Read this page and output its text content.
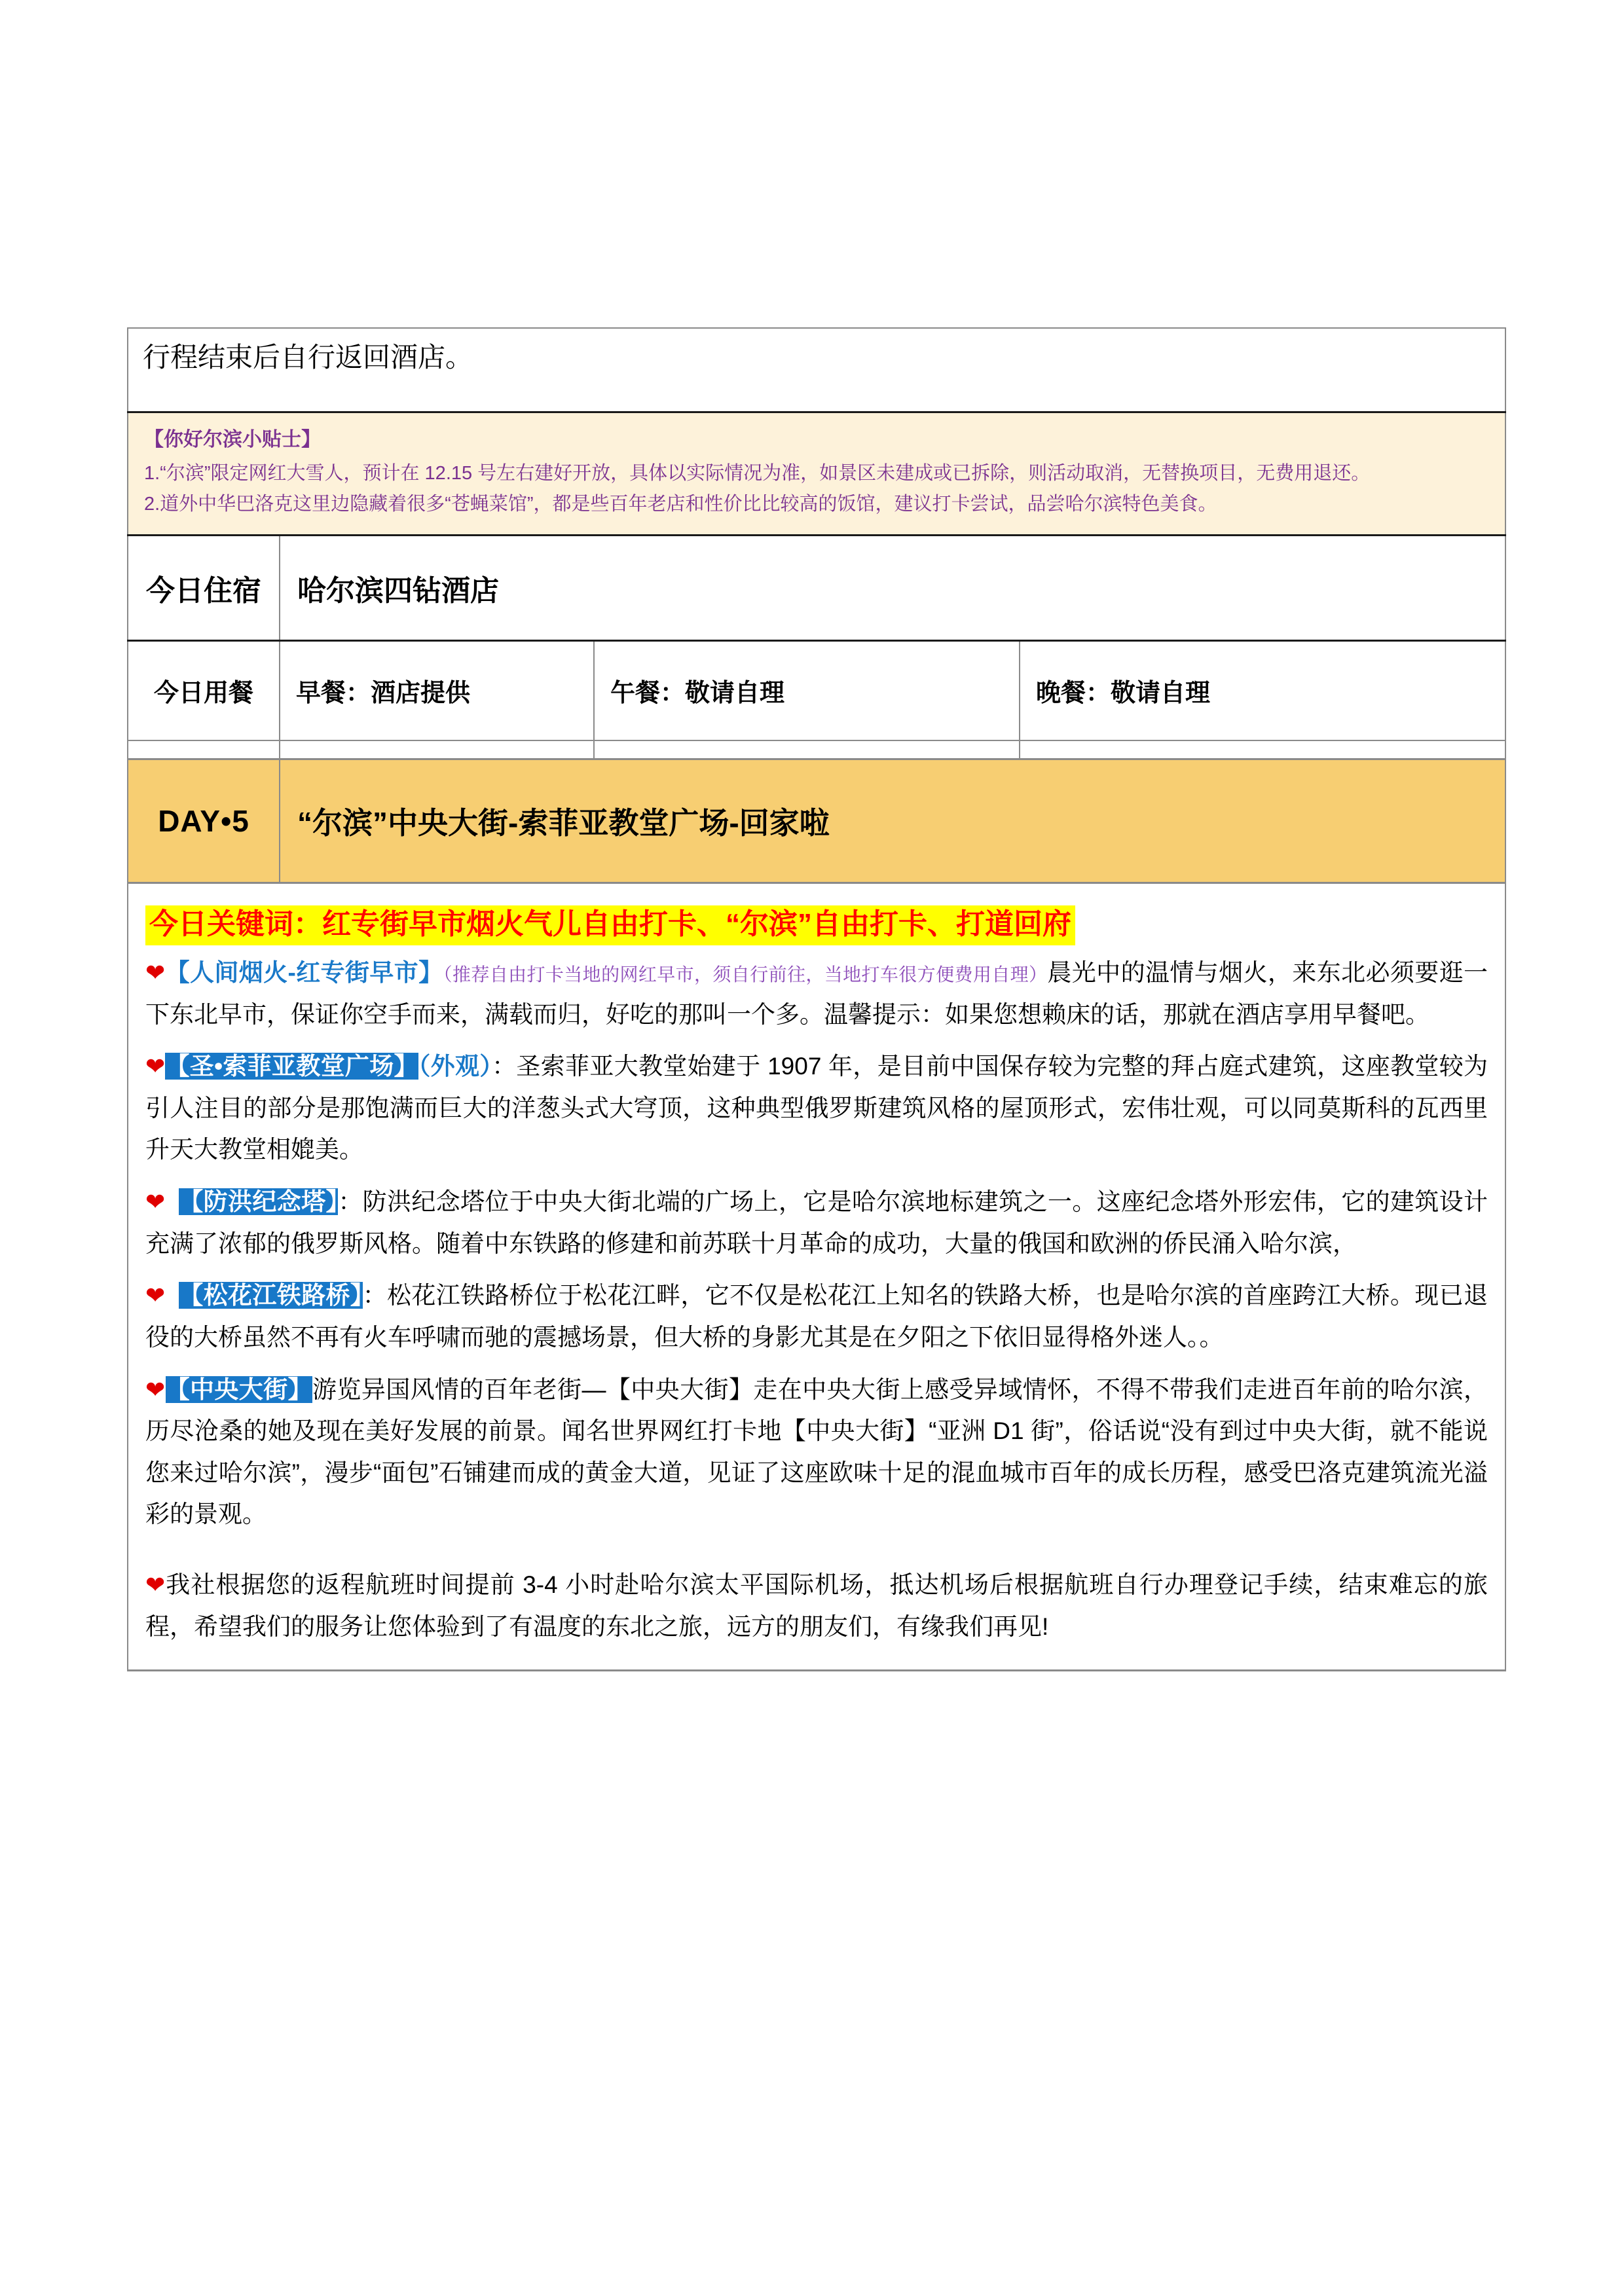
行程结束后自行返回酒店。			

【你好尔滨小贴士】
1.“尔滨”限定网红大雪人，预计在 12.15 号左右建好开放，具体以实际情况为准，如景区未建成或已拆除，则活动取消，无替换项目，无费用退还。
2.道外中华巴洛克这里边隐藏着很多“苍蝇菜馆”，都是些百年老店和性价比比较高的饭馆，建议打卡尝试，品尝哈尔滨特色美食。			

今日住宿	哈尔滨四钻酒店		
今日用餐	早餐：酒店提供	午餐：敬请自理	晚餐：敬请自理

DAY•5	“尔滨”中央大街-索菲亚教堂广场-回家啦		

今日关键词：红专街早市烟火气儿自由打卡、“尔滨”自由打卡、打道回府

❤【人间烟火-红专街早市】（推荐自由打卡当地的网红早市，须自行前往，当地打车很方便费用自理）晨光中的温情与烟火，来东北必须要逛一下东北早市，保证你空手而来，满载而归，好吃的那叫一个多。温馨提示：如果您想赖床的话，那就在酒店享用早餐吧。

❤【圣•索菲亚教堂广场】（外观）：圣索菲亚大教堂始建于 1907 年，是目前中国保存较为完整的拜占庭式建筑，这座教堂较为引人注目的部分是那饱满而巨大的洋葱头式大穹顶，这种典型俄罗斯建筑风格的屋顶形式，宏伟壮观，可以同莫斯科的瓦西里升天大教堂相媲美。

❤ 【防洪纪念塔】：防洪纪念塔位于中央大街北端的广场上，它是哈尔滨地标建筑之一。这座纪念塔外形宏伟，它的建筑设计充满了浓郁的俄罗斯风格。随着中东铁路的修建和前苏联十月革命的成功，大量的俄国和欧洲的侨民涌入哈尔滨，

❤ 【松花江铁路桥】：松花江铁路桥位于松花江畔，它不仅是松花江上知名的铁路大桥，也是哈尔滨的首座跨江大桥。现已退役的大桥虽然不再有火车呼啸而驰的震撼场景，但大桥的身影尤其是在夕阳之下依旧显得格外迷人。。

❤【中央大街】游览异国风情的百年老街—【中央大街】走在中央大街上感受异域情怀，不得不带我们走进百年前的哈尔滨，历尽沧桑的她及现在美好发展的前景。闻名世界网红打卡地【中央大街】“亚洲 D1 街”，俗话说“没有到过中央大街，就不能说您来过哈尔滨”，漫步“面包”石铺建而成的黄金大道，见证了这座欧味十足的混血城市百年的成长历程，感受巴洛克建筑流光溢彩的景观。

❤我社根据您的返程航班时间提前 3-4 小时赴哈尔滨太平国际机场，抵达机场后根据航班自行办理登记手续，结束难忘的旅程，希望我们的服务让您体验到了有温度的东北之旅，远方的朋友们，有缘我们再见!
